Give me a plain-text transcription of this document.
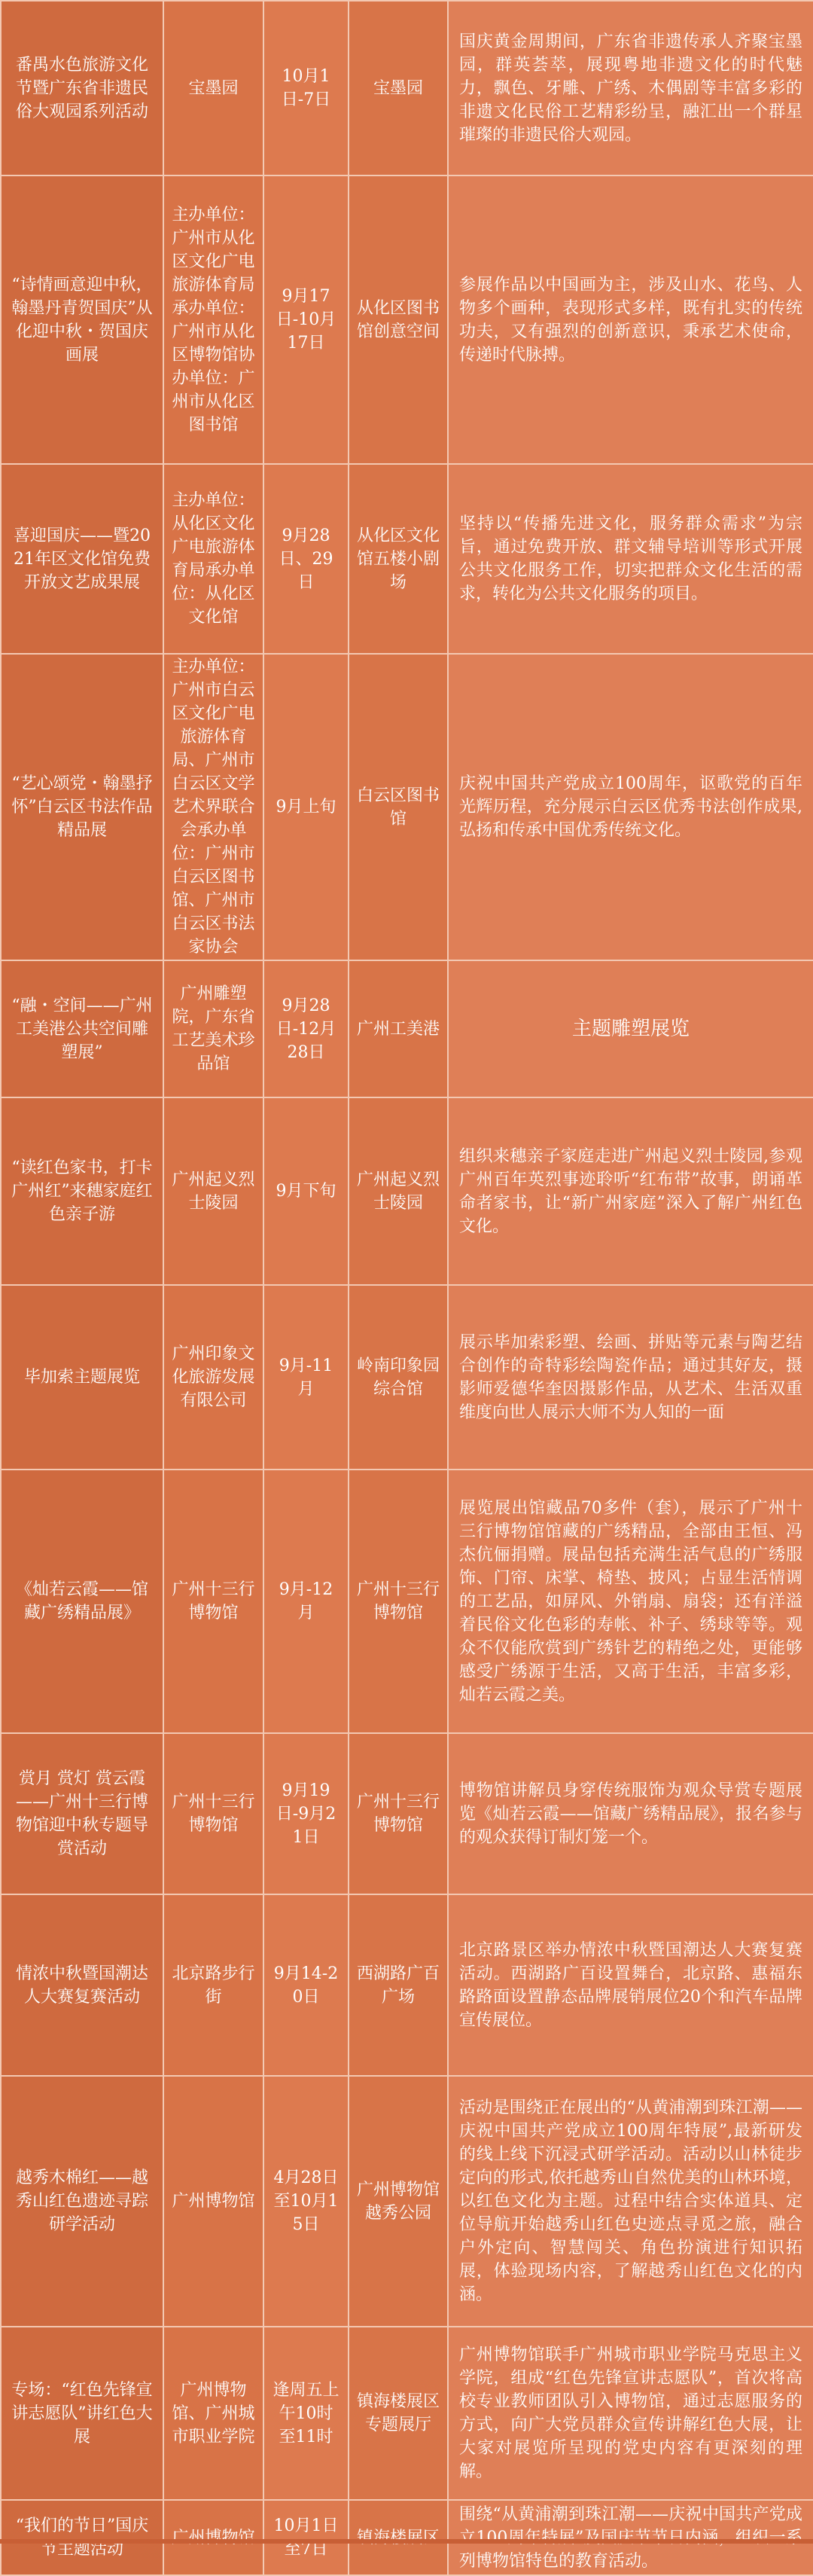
番禺水色旅游文化节暨广东省非遗民俗大观园系列活动	宝墨园	10月1日-7日	宝墨园	国庆黄金周期间，广东省非遗传承人齐聚宝墨园，群英荟萃，展现粤地非遗文化的时代魅力，飘色、牙雕、广绣、木偶剧等丰富多彩的非遗文化民俗工艺精彩纷呈，融汇出一个群星璀璨的非遗民俗大观园。
“诗情画意迎中秋，翰墨丹青贺国庆”从化迎中秋・贺国庆画展	主办单位：广州市从化区文化广电旅游体育局承办单位：广州市从化区博物馆协办单位：广州市从化区图书馆	9月17日-10月17日	从化区图书馆创意空间	参展作品以中国画为主，涉及山水、花鸟、人物多个画种，表现形式多样，既有扎实的传统功夫，又有强烈的创新意识，秉承艺术使命，传递时代脉搏。
喜迎国庆——暨2021年区文化馆免费开放文艺成果展	主办单位：从化区文化广电旅游体育局承办单位：从化区文化馆	9月28日、29日	从化区文化馆五楼小剧场	坚持以“传播先进文化，服务群众需求”为宗旨，通过免费开放、群文辅导培训等形式开展公共文化服务工作，切实把群众文化生活的需求，转化为公共文化服务的项目。
“艺心颂党・翰墨抒怀”白云区书法作品精品展	主办单位：广州市白云区文化广电旅游体育局、广州市白云区文学艺术界联合会承办单位：广州市白云区图书馆、广州市白云区书法家协会	9月上旬	白云区图书馆	庆祝中国共产党成立100周年，讴歌党的百年光辉历程，充分展示白云区优秀书法创作成果,弘扬和传承中国优秀传统文化。
“融・空间——广州工美港公共空间雕塑展”	广州雕塑院，广东省工艺美术珍品馆	9月28日-12月28日	广州工美港	主题雕塑展览
“读红色家书，打卡广州红”来穗家庭红色亲子游	广州起义烈士陵园	9月下旬	广州起义烈士陵园	组织来穗亲子家庭走进广州起义烈士陵园,参观广州百年英烈事迹聆听“红布带”故事，朗诵革命者家书，让“新广州家庭”深入了解广州红色文化。
毕加索主题展览	广州印象文化旅游发展有限公司	9月-11月	岭南印象园综合馆	展示毕加索彩塑、绘画、拼贴等元素与陶艺结合创作的奇特彩绘陶瓷作品；通过其好友，摄影师爱德华奎因摄影作品，从艺术、生活双重维度向世人展示大师不为人知的一面
《灿若云霞——馆藏广绣精品展》	广州十三行博物馆	9月-12月	广州十三行博物馆	展览展出馆藏品70多件（套），展示了广州十三行博物馆馆藏的广绣精品，全部由王恒、冯杰伉俪捐赠。展品包括充满生活气息的广绣服饰、门帘、床掌、椅垫、披风；占显生活情调的工艺品，如屏风、外销扇、扇袋；还有洋溢着民俗文化色彩的寿帐、补子、绣球等等。观众不仅能欣赏到广绣针艺的精绝之处，更能够感受广绣源于生活，又高于生活，丰富多彩，灿若云霞之美。
赏月 赏灯 赏云霞——广州十三行博物馆迎中秋专题导赏活动	广州十三行博物馆	9月19日-9月21日	广州十三行博物馆	博物馆讲解员身穿传统服饰为观众导赏专题展览《灿若云霞——馆藏广绣精品展》，报名参与的观众获得订制灯笼一个。
情浓中秋暨国潮达人大赛复赛活动	北京路步行街	9月14-20日	西湖路广百广场	北京路景区举办情浓中秋暨国潮达人大赛复赛活动。西湖路广百设置舞台，北京路、惠福东路路面设置静态品牌展销展位20个和汽车品牌宣传展位。
越秀木棉红——越秀山红色遗迹寻踪研学活动	广州博物馆	4月28日至10月15日	广州博物馆越秀公园	活动是围绕正在展出的“从黄浦潮到珠江潮——庆祝中国共产党成立100周年特展”,最新研发的线上线下沉浸式研学活动。活动以山林徒步定向的形式,依托越秀山自然优美的山林环境，以红色文化为主题。过程中结合实体道具、定位导航开始越秀山红色史迹点寻觅之旅，融合户外定向、智慧闯关、角色扮演进行知识拓展，体验现场内容，了解越秀山红色文化的内涵。
专场：“红色先锋宣讲志愿队”讲红色大展	广州博物馆、广州城市职业学院	逢周五上午10时至11时	镇海楼展区专题展厅	广州博物馆联手广州城市职业学院马克思主义学院，组成“红色先锋宣讲志愿队”，首次将高校专业教师团队引入博物馆，通过志愿服务的方式，向广大党员群众宣传讲解红色大展，让大家对展览所呈现的党史内容有更深刻的理解。
“我们的节日”国庆节主题活动	广州博物馆	10月1日至7日	镇海楼展区	围绕“从黄浦潮到珠江潮——庆祝中国共产党成立100周年特展”及国庆节节日内涵，组织一系列博物馆特色的教育活动。
